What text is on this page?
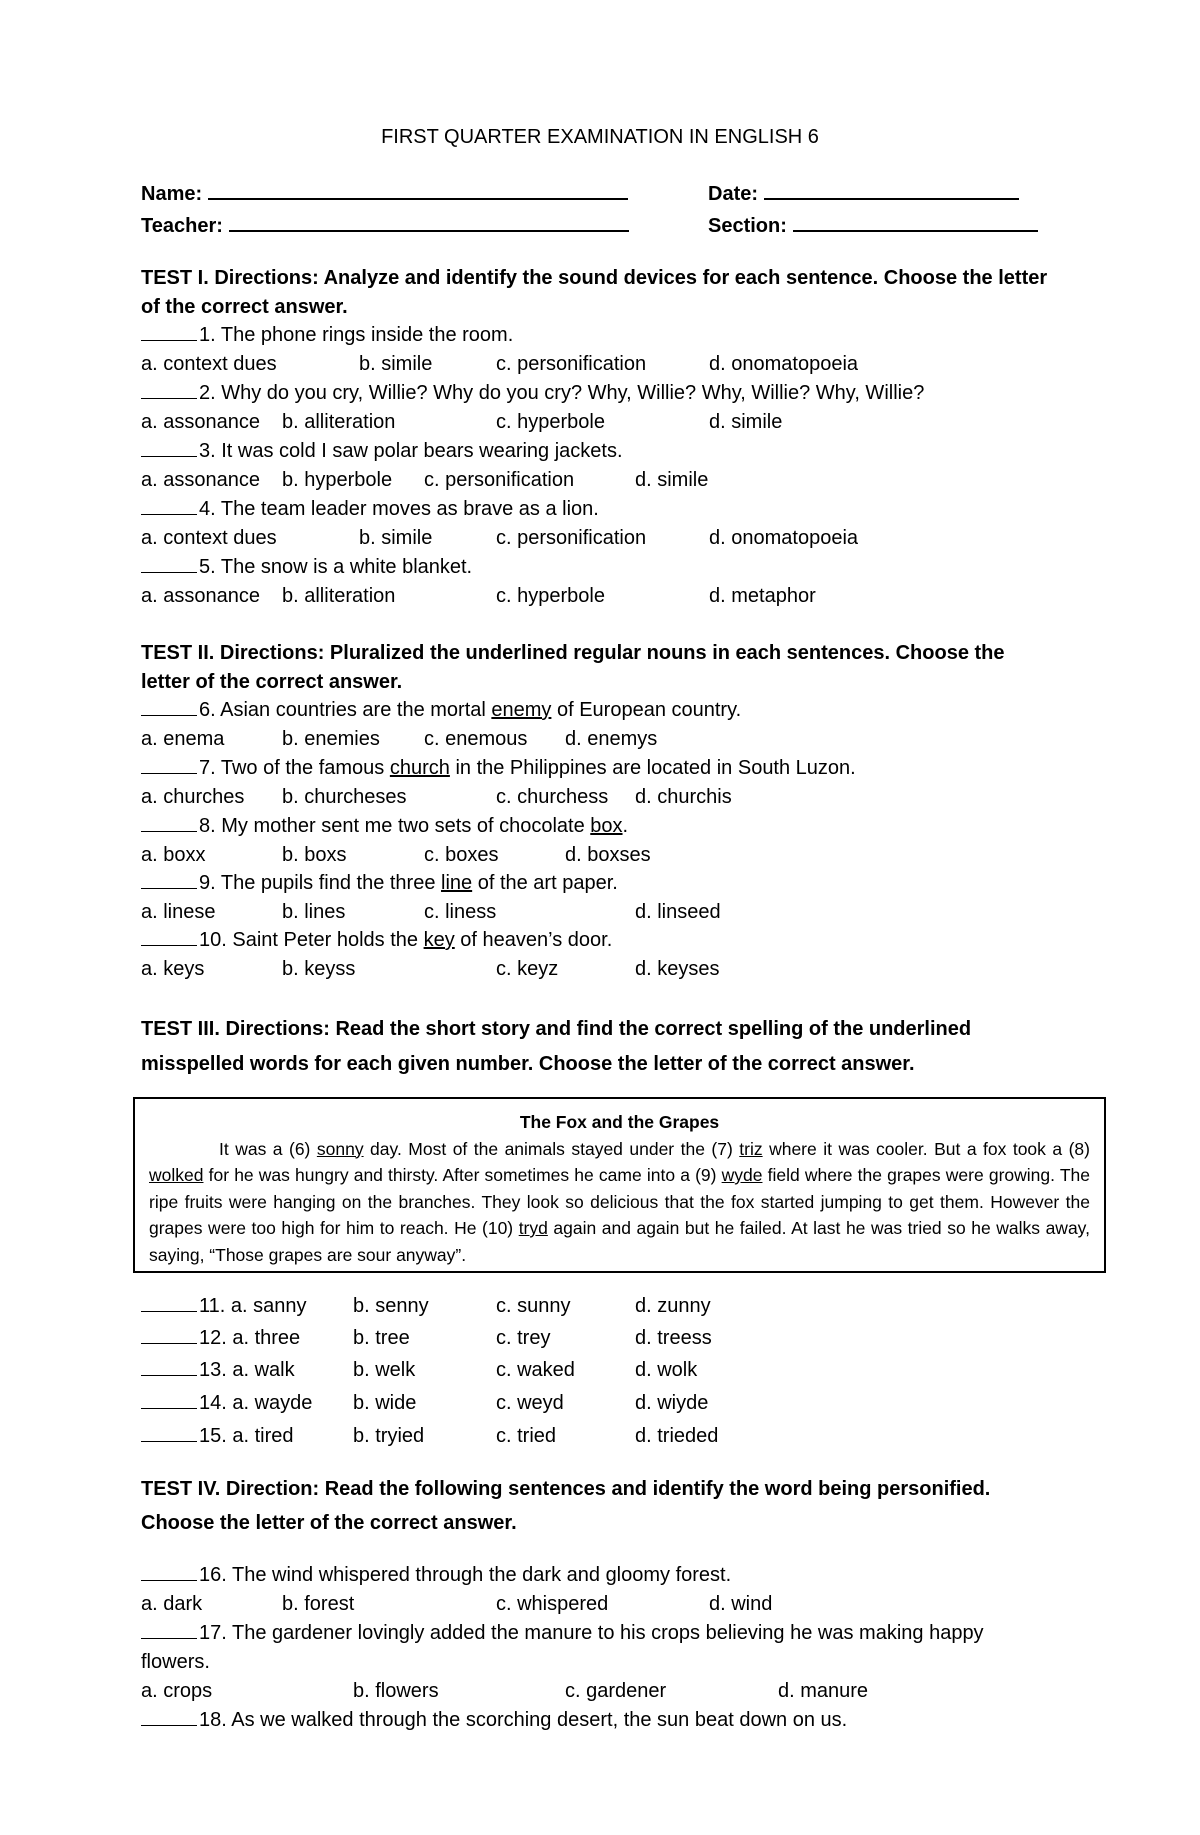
FIRST QUARTER EXAMINATION IN ENGLISH 6
Name:	Date:
Teacher:	Section:
TEST I. Directions: Analyze and identify the sound devices for each sentence. Choose the letter
of the correct answer.
1. The phone rings inside the room.
a. context dues	b. simile	c. personification	d. onomatopoeia
2. Why do you cry, Willie? Why do you cry? Why, Willie? Why, Willie? Why, Willie?
a. assonance b. alliteration	c. hyperbole	d. simile
3. It was cold I saw polar bears wearing jackets.
a. assonance b. hyperbole c. personification	d. simile
4. The team leader moves as brave as a lion.
a. context dues	b. simile	c. personification	d. onomatopoeia
5. The snow is a white blanket.
a. assonance b. alliteration	c. hyperbole	d. metaphor
TEST II. Directions: Pluralized the underlined regular nouns in each sentences. Choose the
letter of the correct answer.
6. Asian countries are the mortal enemy of European country.
a. enema	b. enemies c. enemous d. enemys
7. Two of the famous church in the Philippines are located in South Luzon.
a. churches b. churcheses	c. churchess d. churchis
8. My mother sent me two sets of chocolate box.
a. boxx	b. boxs	c. boxes	d. boxses
9. The pupils find the three line of the art paper.
a. linese	b. lines	c. liness	d. linseed
10. Saint Peter holds the key of heaven’s door.
a. keys	b. keyss	c. keyz	d. keyses
TEST III. Directions: Read the short story and find the correct spelling of the underlined
misspelled words for each given number. Choose the letter of the correct answer.
The Fox and the Grapes
It was a (6) sonny day. Most of the animals stayed under the (7) triz where it was cooler. But a fox took a (8) wolked for he was hungry and thirsty. After sometimes he came into a (9) wyde field where the grapes were growing. The ripe fruits were hanging on the branches. They look so delicious that the fox started jumping to get them. However the grapes were too high for him to reach. He (10) tryd again and again but he failed. At last he was tried so he walks away, saying, “Those grapes are sour anyway”.
11. a. sanny b. senny	c. sunny	d. zunny
12. a. three	b. tree	c. trey	d. treess
13. a. walk	b. welk	c. waked	d. wolk
14. a. wayde b. wide	c. weyd	d. wiyde
15. a. tired	b. tryied	c. tried	d. trieded
TEST IV. Direction: Read the following sentences and identify the word being personified.
Choose the letter of the correct answer.
16. The wind whispered through the dark and gloomy forest.
a. dark	b. forest	c. whispered	d. wind
17. The gardener lovingly added the manure to his crops believing he was making happy
flowers.
a. crops	b. flowers	c. gardener	d. manure
18. As we walked through the scorching desert, the sun beat down on us.
